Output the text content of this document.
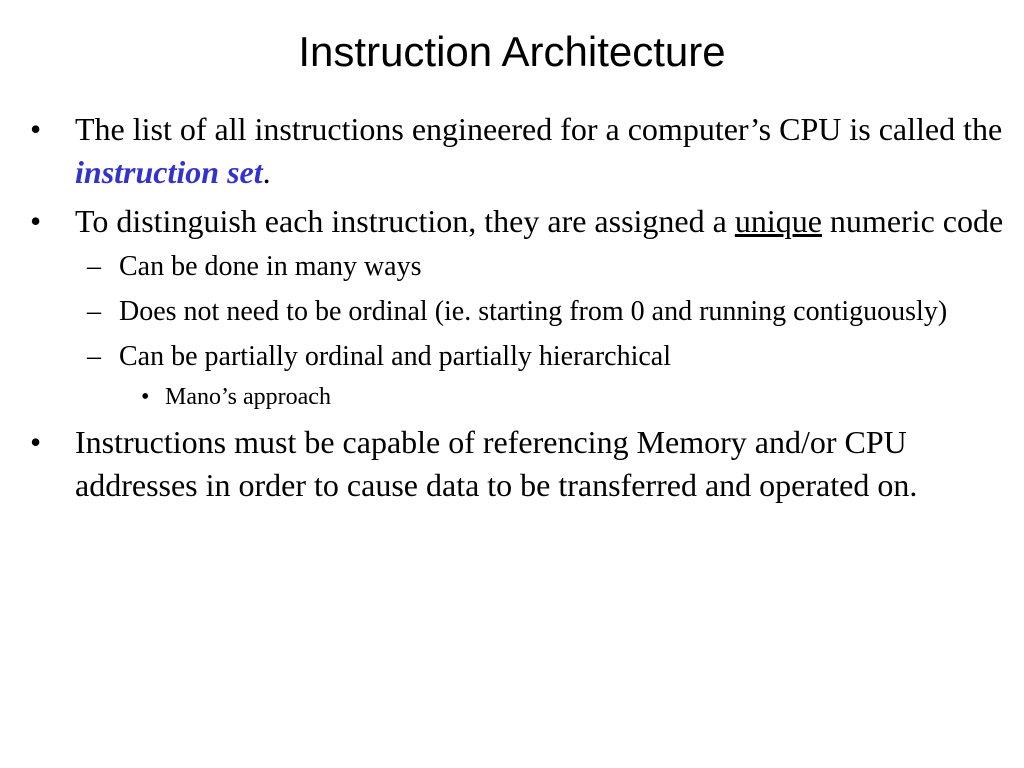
Instruction Architecture
•	The list of all instructions engineered for a computer’s CPU is called the instruction set.
•	To distinguish each instruction, they are assigned a unique numeric code
– Can be done in many ways
– Does not need to be ordinal (ie. starting from 0 and running contiguously)
– Can be partially ordinal and partially hierarchical
• Mano’s approach
•	Instructions must be capable of referencing Memory and/or CPU addresses in order to cause data to be transferred and operated on.
